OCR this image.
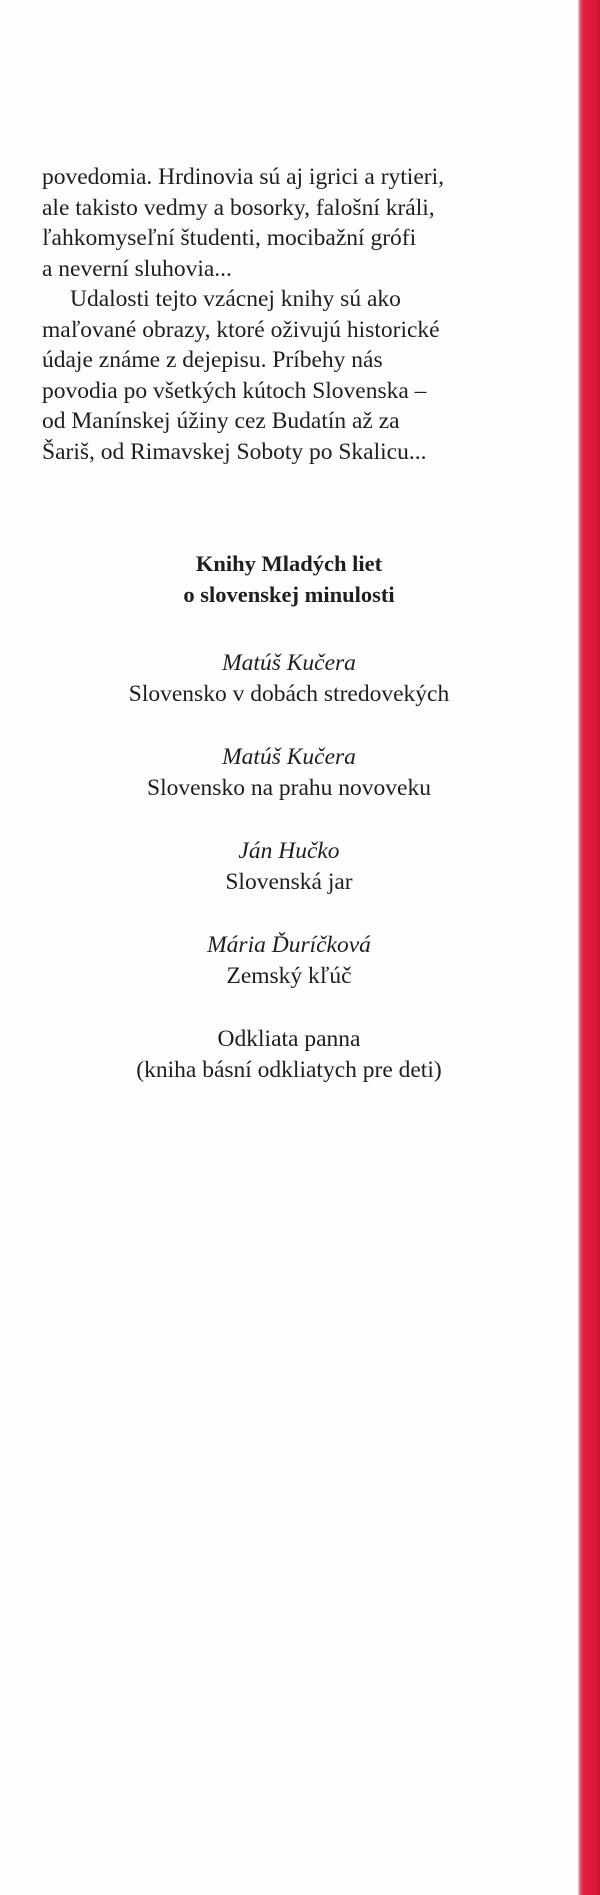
povedomia. Hrdinovia sú aj igrici a rytieri,
ale takisto vedmy a bosorky, falošní králi,
ľahkomyseľní študenti, mocibažní grófi
a neverní sluhovia...

Udalosti tejto vzácnej knihy sú ako
maľované obrazy, ktoré oživujú historické
údaje známe z dejepisu. Príbehy nás
povodia po všetkých kútoch Slovenska –
od Manínskej úžiny cez Budatín až za
Šariš, od Rimavskej Soboty po Skalicu...

Knihy Mladých liet
o slovenskej minulosti
Matúš Kučera
Slovensko v dobách stredovekých
Matúš Kučera
Slovensko na prahu novoveku
Ján Hučko
Slovenská jar
Mária Ďuríčková
Zemský kľúč
Odkliata panna
(kniha básní odkliatych pre deti)
